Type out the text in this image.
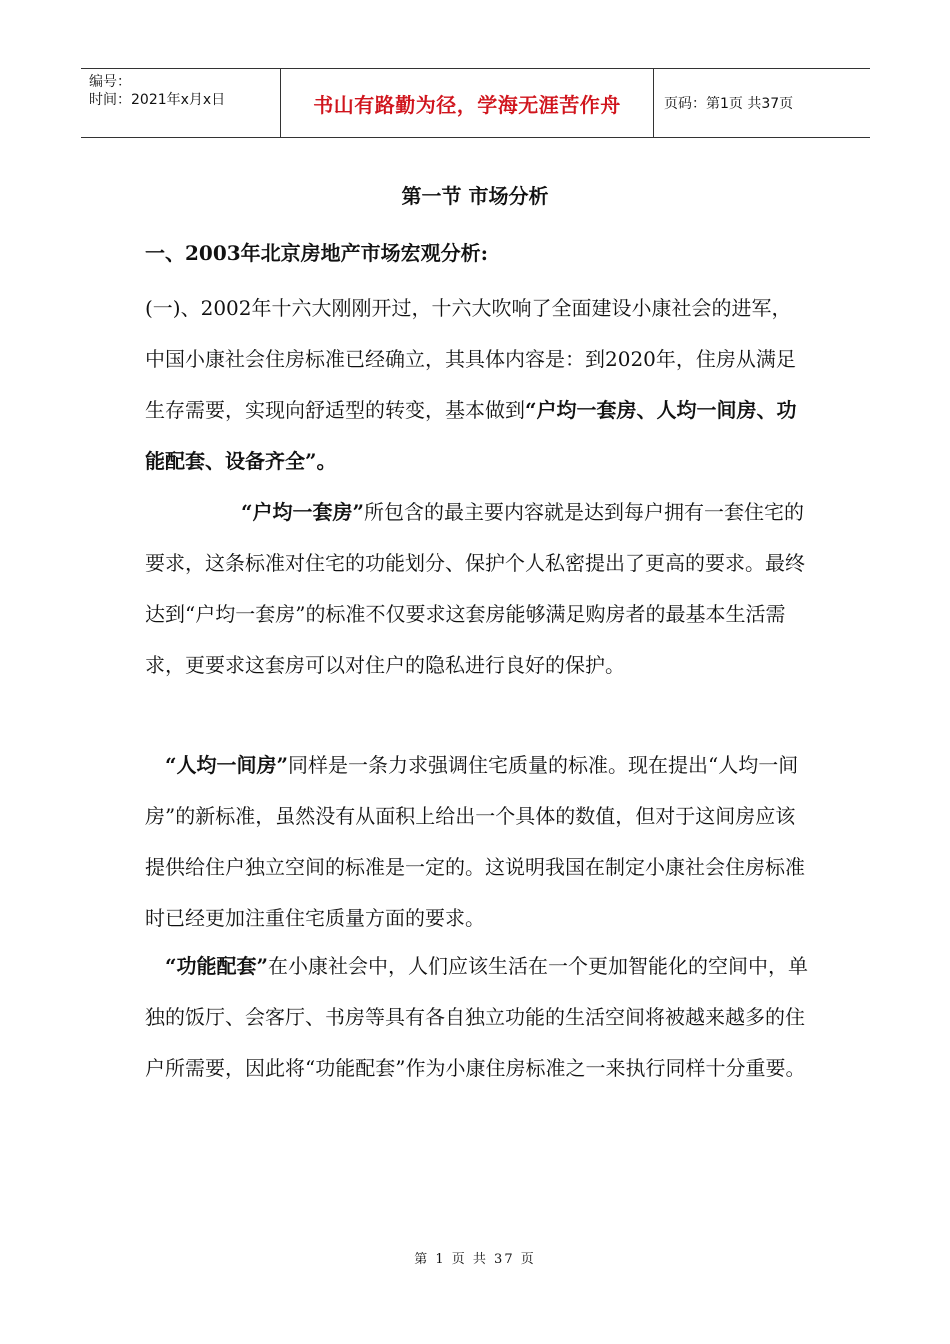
编号：
时间：2021年x月x日	书山有路勤为径，学海无涯苦作舟	页码：第1页 共37页
第一节 市场分析
一、2003年北京房地产市场宏观分析:

(一)、2002年十六大刚刚开过，十六大吹响了全面建设小康社会的进军，中国小康社会住房标准已经确立，其具体内容是：到2020年，住房从满足生存需要，实现向舒适型的转变，基本做到“户均一套房、人均一间房、功能配套、设备齐全”。

“户均一套房”所包含的最主要内容就是达到每户拥有一套住宅的要求，这条标准对住宅的功能划分、保护个人私密提出了更高的要求。最终达到“户均一套房”的标准不仅要求这套房能够满足购房者的最基本生活需求，更要求这套房可以对住户的隐私进行良好的保护。

“人均一间房”同样是一条力求强调住宅质量的标准。现在提出“人均一间房”的新标准，虽然没有从面积上给出一个具体的数值，但对于这间房应该提供给住户独立空间的标准是一定的。这说明我国在制定小康社会住房标准时已经更加注重住宅质量方面的要求。

“功能配套”在小康社会中，人们应该生活在一个更加智能化的空间中，单独的饭厅、会客厅、书房等具有各自独立功能的生活空间将被越来越多的住户所需要，因此将“功能配套”作为小康住房标准之一来执行同样十分重要。

第 1 页 共 37 页
